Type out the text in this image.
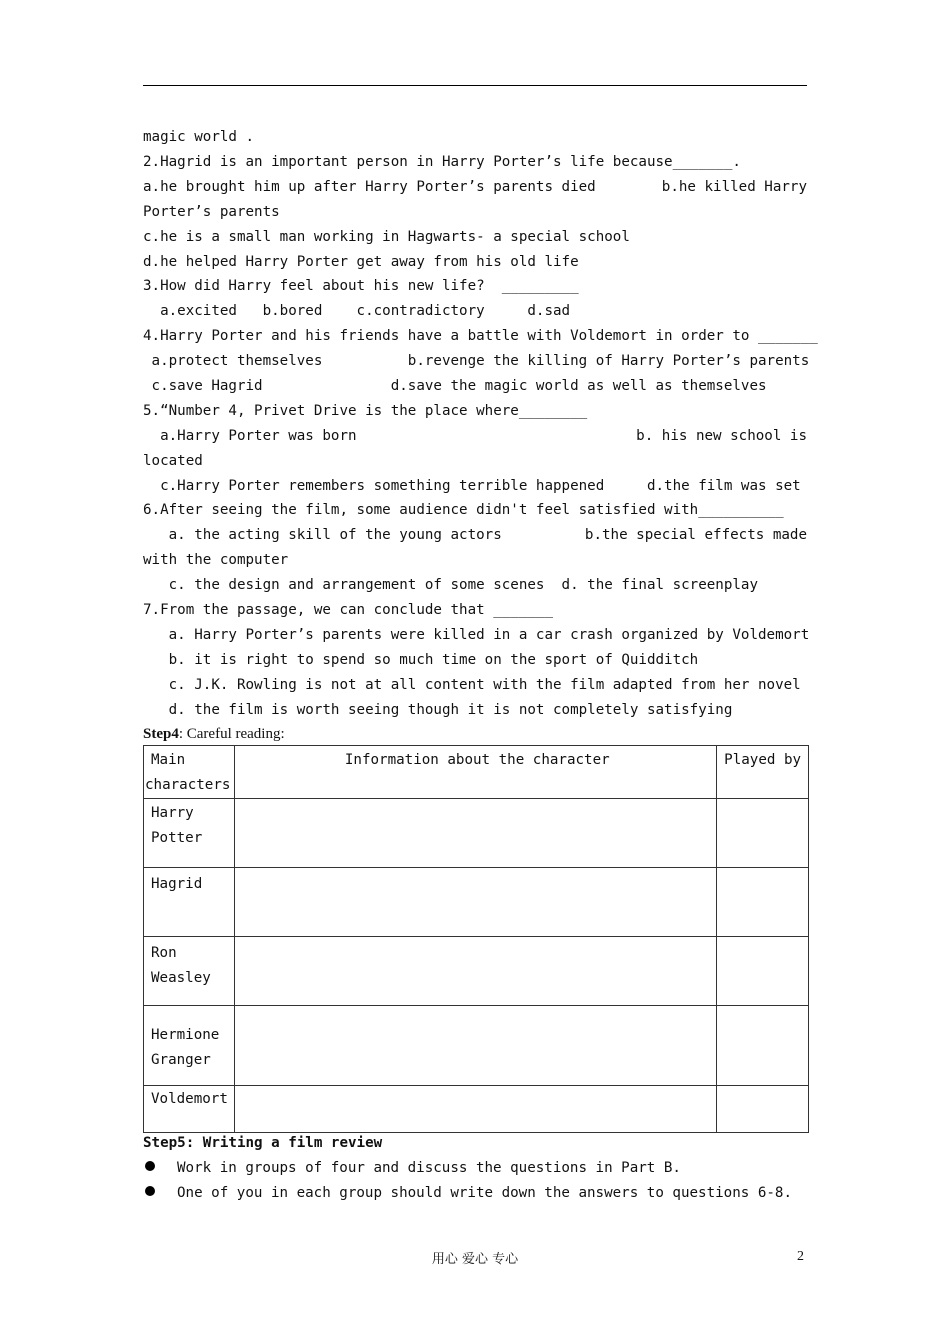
magic world .
2.Hagrid is an important person in Harry Porter’s life because_______.
a.he brought him up after Harry Porter’s parents died	b.he killed Harry
Porter’s parents
c.he is a small man working in Hagwarts- a special school
d.he helped Harry Porter get away from his old life
3.How did Harry feel about his new life?  _________
a.excited   b.bored    c.contradictory     d.sad
4.Harry Porter and his friends have a battle with Voldemort in order to _______
a.protect themselves          b.revenge the killing of Harry Porter’s parents
c.save Hagrid               d.save the magic world as well as themselves
5.“Number 4, Privet Drive is the place where________
a.Harry Porter was born	b. his new school is
located
c.Harry Porter remembers something terrible happened     d.the film was set
6.After seeing the film, some audience didn't feel satisfied with__________
a. the acting skill of the young actors	b.the special effects made
with the computer
c. the design and arrangement of some scenes  d. the final screenplay
7.From the passage, we can conclude that _______
a. Harry Porter’s parents were killed in a car crash organized by Voldemort
b. it is right to spend so much time on the sport of Quidditch
c. J.K. Rowling is not at all content with the film adapted from her novel
d. the film is worth seeing though it is not completely satisfying
Step4: Careful reading:
Main characters	Information about the character	Played by
Harry Potter		
Hagrid		
Ron Weasley		
Hermione Granger		
Voldemort		
Step5: Writing a film review
Work in groups of four and discuss the questions in Part B.
One of you in each group should write down the answers to questions 6-8.
用心 爱心 专心	2
